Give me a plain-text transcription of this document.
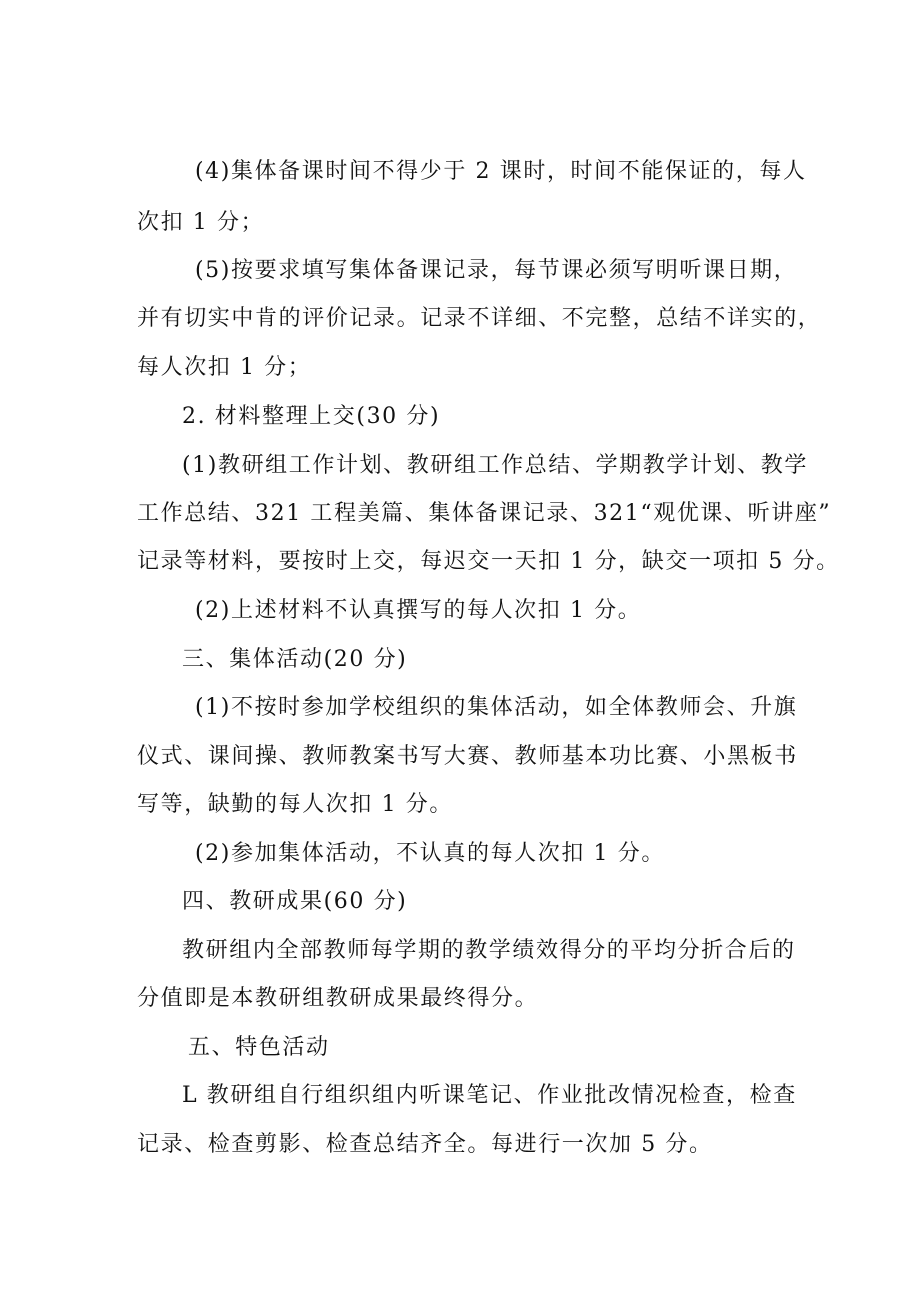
(4)集体备课时间不得少于 2 课时，时间不能保证的，每人
次扣 1 分；
(5)按要求填写集体备课记录，每节课必须写明听课日期，
并有切实中肯的评价记录。记录不详细、不完整，总结不详实的，
每人次扣 1 分；
2. 材料整理上交(30 分)
(1)教研组工作计划、教研组工作总结、学期教学计划、教学
工作总结、321 工程美篇、集体备课记录、321“观优课、听讲座”
记录等材料，要按时上交，每迟交一天扣 1 分，缺交一项扣 5 分。
(2)上述材料不认真撰写的每人次扣 1 分。
三、集体活动(20 分)
(1)不按时参加学校组织的集体活动，如全体教师会、升旗
仪式、课间操、教师教案书写大赛、教师基本功比赛、小黑板书
写等，缺勤的每人次扣 1 分。
(2)参加集体活动，不认真的每人次扣 1 分。
四、教研成果(60 分)
教研组内全部教师每学期的教学绩效得分的平均分折合后的
分值即是本教研组教研成果最终得分。
五、特色活动
L 教研组自行组织组内听课笔记、作业批改情况检查，检查
记录、检查剪影、检查总结齐全。每进行一次加 5 分。
